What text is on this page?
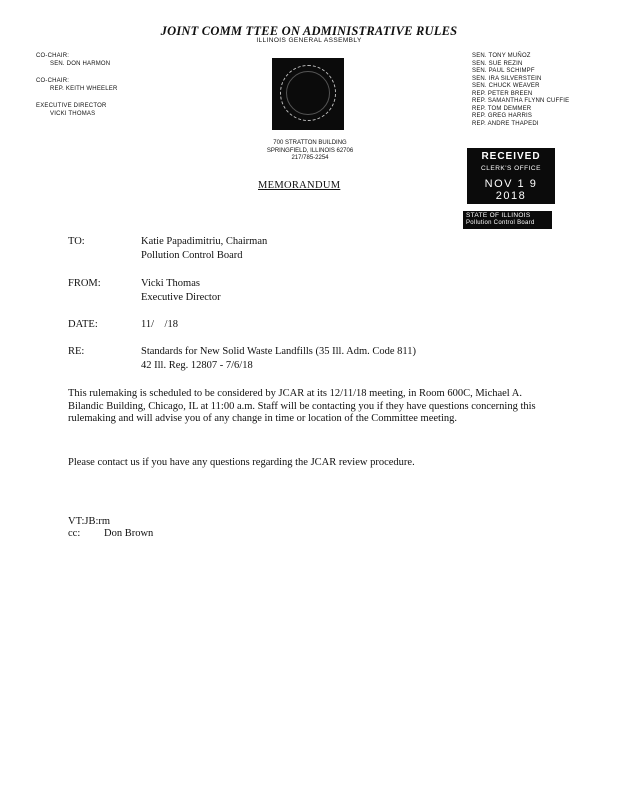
JOINT COMM TTEE ON ADMINISTRATIVE RULES
ILLINOIS GENERAL ASSEMBLY
CO-CHAIR:
SEN. DON HARMON
CO-CHAIR:
REP. KEITH WHEELER
EXECUTIVE DIRECTOR
VICKI THOMAS
SEN. TONY MUÑOZ
SEN. SUE REZIN
SEN. PAUL SCHIMPF
SEN. IRA SILVERSTEIN
SEN. CHUCK WEAVER
REP. PETER BREEN
REP. SAMANTHA FLYNN CUFFIE
REP. TOM DEMMER
REP. GREG HARRIS
REP. ANDRE THAPEDI
700 STRATTON BUILDING
SPRINGFIELD, ILLINOIS 62706
217/785-2254	RECEIVED
CLERK'S OFFICE
NOV 1 9 2018
STATE OF ILLINOIS
Pollution Control Board
MEMORANDUM
TO:	Katie Papadimitriu, Chairman
Pollution Control Board
FROM:	Vicki Thomas
Executive Director
DATE:	11/    /18
RE:	Standards for New Solid Waste Landfills (35 Ill. Adm. Code 811)
42 Ill. Reg. 12807 - 7/6/18
This rulemaking is scheduled to be considered by JCAR at its 12/11/18 meeting, in Room 600C, Michael A. Bilandic Building, Chicago, IL at 11:00 a.m. Staff will be contacting you if they have questions concerning this rulemaking and will advise you of any change in time or location of the Committee meeting.
Please contact us if you have any questions regarding the JCAR review procedure.
VT:JB:rm
cc: Don Brown
